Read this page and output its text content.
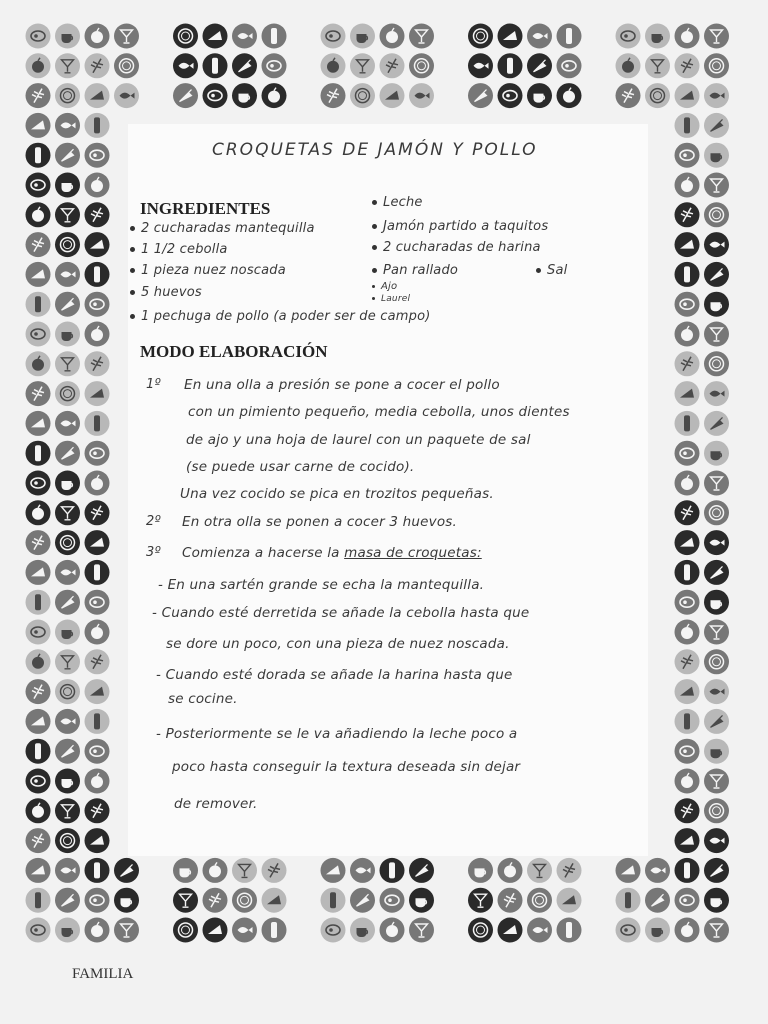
CROQUETAS DE JAMÓN Y POLLO
INGREDIENTES
2 cucharadas mantequilla
1 1/2 cebolla
1 pieza nuez noscada
5 huevos
1 pechuga de pollo (a poder ser de campo)
Leche
Jamón partido a taquitos
2 cucharadas de harina
Pan rallado
Ajo
Laurel
Sal
MODO ELABORACIÓN
1º En una olla a presión se pone a cocer el pollo
con un pimiento pequeño, media cebolla, unos dientes
de ajo y una hoja de laurel con un paquete de sal
(se puede usar carne de cocido).
Una vez cocido se pica en trozitos pequeñas.
2º En otra olla se ponen a cocer 3 huevos.
3º Comienza a hacerse la masa de croquetas:
- En una sartén grande se echa la mantequilla.
- Cuando esté derretida se añade la cebolla hasta que
se dore un poco, con una pieza de nuez noscada.
- Cuando esté dorada se añade la harina hasta que
se cocine.
- Posteriormente se le va añadiendo la leche poco a
poco hasta conseguir la textura deseada sin dejar
de remover.
FAMILIA
